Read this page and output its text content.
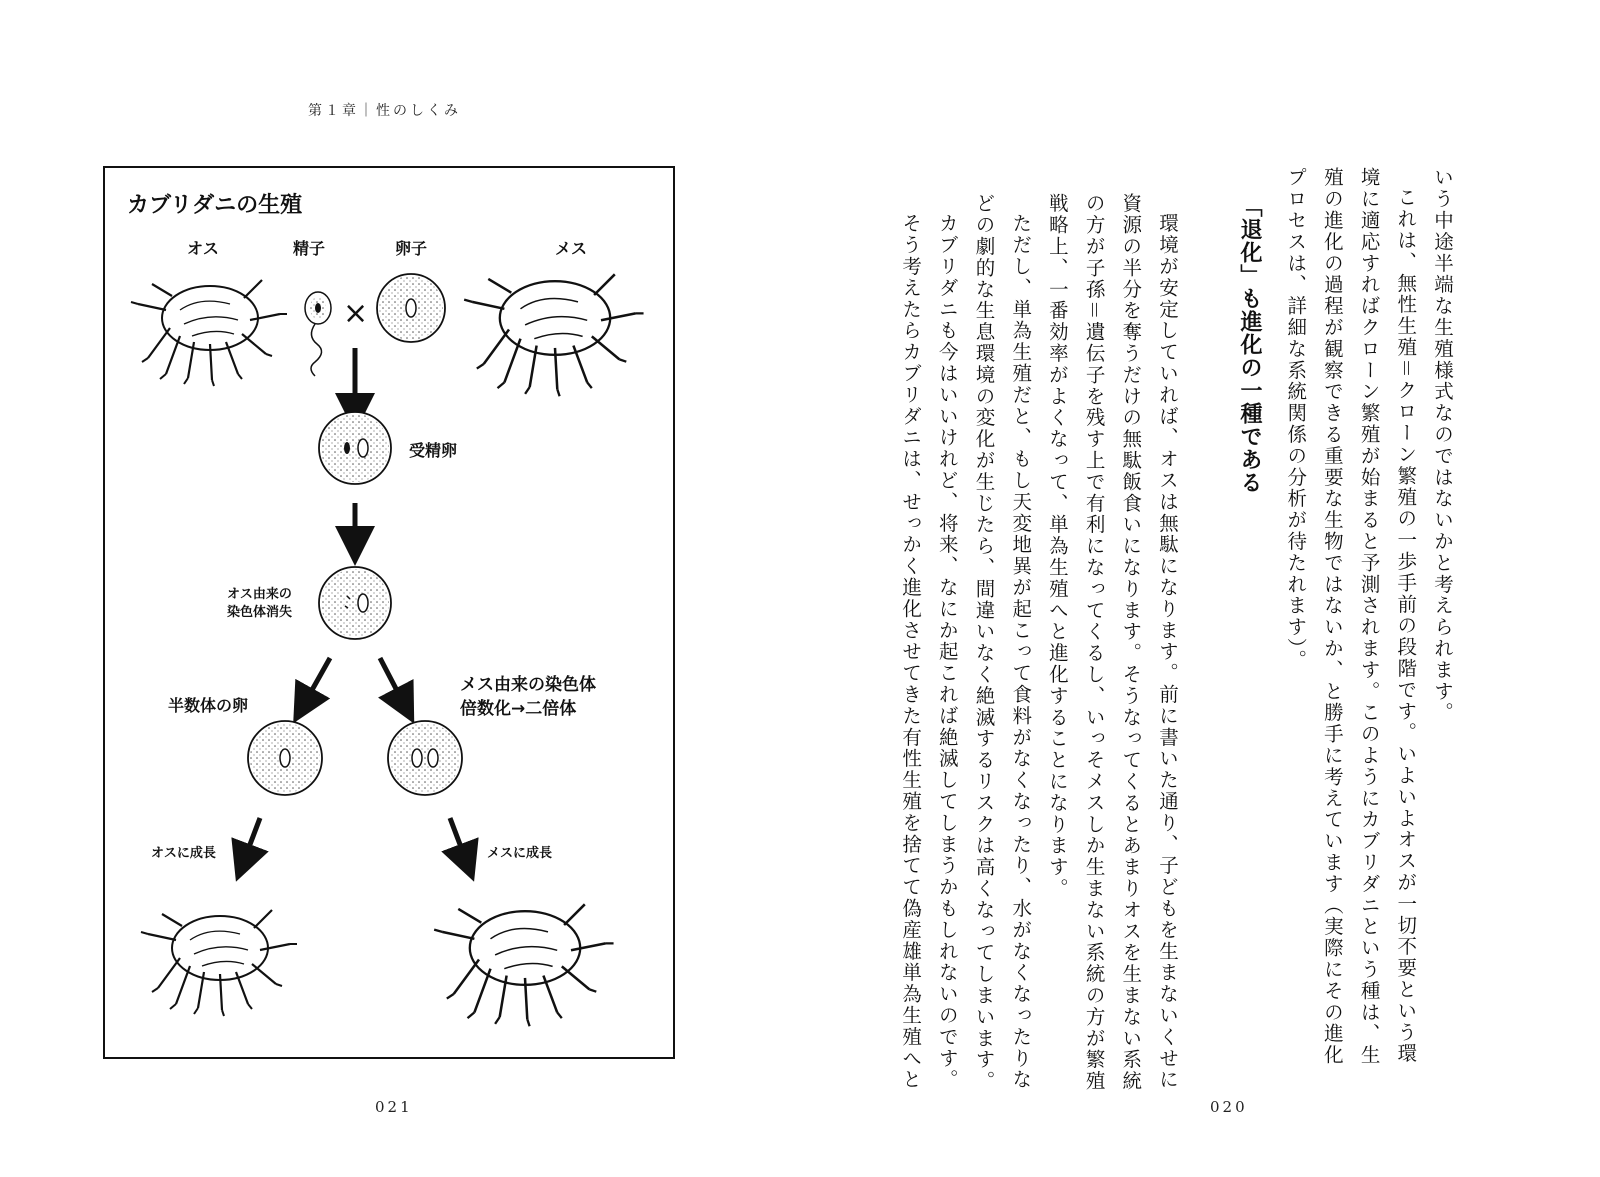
第１章｜性のしくみ
カブリダニの生殖
オス	精子	卵子	メス
×
受精卵
オス由来の
染色体消失
半数体の卵
メス由来の染色体
倍数化→二倍体
オスに成長	メスに成長
021
いう中途半端な生殖様式なのではないかと考えられます。
これは、無性生殖＝クローン繁殖の一歩手前の段階です。いよいよオスが一切不要という環
境に適応すればクローン繁殖が始まると予測されます。このようにカブリダニという種は、生
殖の進化の過程が観察できる重要な生物ではないか、と勝手に考えています（実際にその進化
プロセスは、詳細な系統関係の分析が待たれます）。
「退化」も進化の一種である
環境が安定していれば、オスは無駄になります。前に書いた通り、子どもを生まないくせに
資源の半分を奪うだけの無駄飯食いになります。そうなってくるとあまりオスを生まない系統
の方が子孫＝遺伝子を残す上で有利になってくるし、いっそメスしか生まない系統の方が繁殖
戦略上、一番効率がよくなって、単為生殖へと進化することになります。
ただし、単為生殖だと、もし天変地異が起こって食料がなくなったり、水がなくなったりな
どの劇的な生息環境の変化が生じたら、間違いなく絶滅するリスクは高くなってしまいます。
カブリダニも今はいいけれど、将来、なにか起これば絶滅してしまうかもしれないのです。
そう考えたらカブリダニは、せっかく進化させてきた有性生殖を捨てて偽産雄単為生殖へと
020
